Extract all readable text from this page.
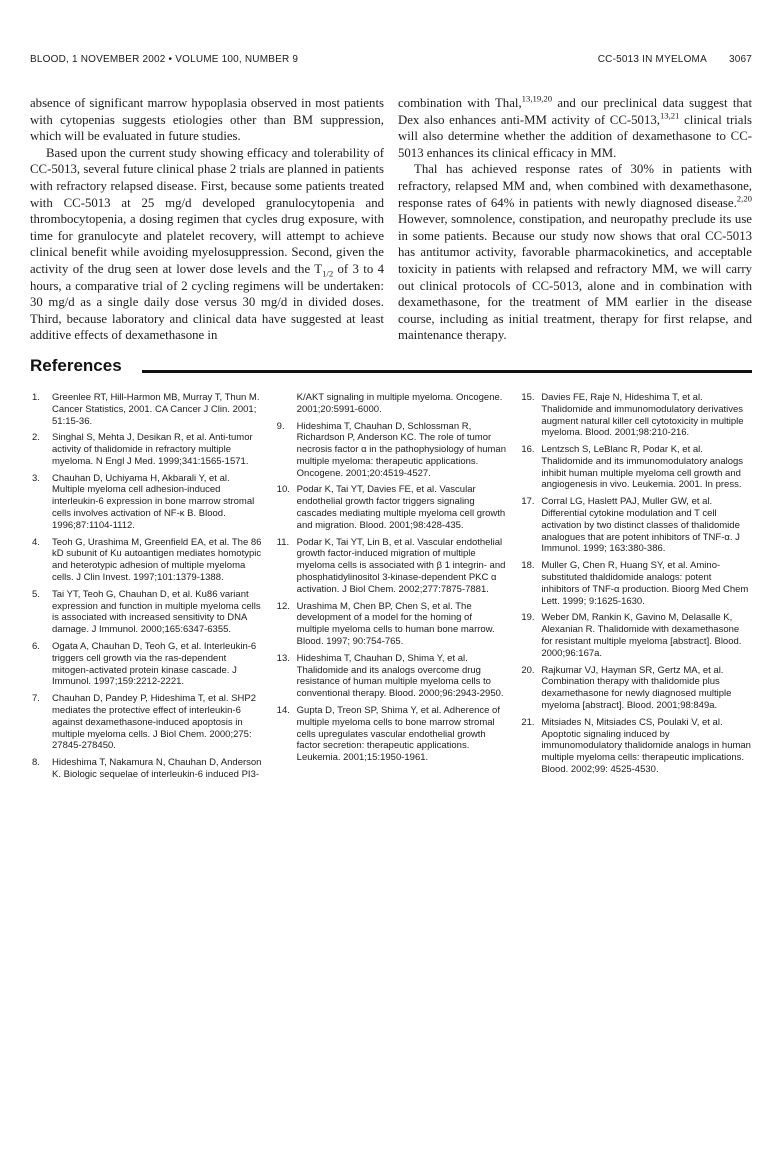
BLOOD, 1 NOVEMBER 2002 • VOLUME 100, NUMBER 9	CC-5013 IN MYELOMA 3067

absence of significant marrow hypoplasia observed in most patients with cytopenias suggests etiologies other than BM suppression, which will be evaluated in future studies.

Based upon the current study showing efficacy and tolerability of CC-5013, several future clinical phase 2 trials are planned in patients with refractory relapsed disease. First, because some patients treated with CC-5013 at 25 mg/d developed granulocytopenia and thrombocytopenia, a dosing regimen that cycles drug exposure, with time for granulocyte and platelet recovery, will attempt to achieve clinical benefit while avoiding myelosuppression. Second, given the activity of the drug seen at lower dose levels and the $T_{1/2}$ of 3 to 4 hours, a comparative trial of 2 cycling regimens will be undertaken: 30 mg/d as a single daily dose versus 30 mg/d in divided doses. Third, because laboratory and clinical data have suggested at least additive effects of dexamethasone in

combination with Thal,$^{13,19,20}$ and our preclinical data suggest that Dex also enhances anti-MM activity of CC-5013,$^{13,21}$ clinical trials will also determine whether the addition of dexamethasone to CC-5013 enhances its clinical efficacy in MM.

Thal has achieved response rates of 30% in patients with refractory, relapsed MM and, when combined with dexamethasone, response rates of 64% in patients with newly diagnosed disease.$^{2,20}$ However, somnolence, constipation, and neuropathy preclude its use in some patients. Because our study now shows that oral CC-5013 has antitumor activity, favorable pharmacokinetics, and acceptable toxicity in patients with relapsed and refractory MM, we will carry out clinical protocols of CC-5013, alone and in combination with dexamethasone, for the treatment of MM earlier in the disease course, including as initial treatment, therapy for first relapse, and maintenance therapy.

References
1. Greenlee RT, Hill-Harmon MB, Murray T, Thun M. Cancer Statistics, 2001. CA Cancer J Clin. 2001; 51:15-36.
2. Singhal S, Mehta J, Desikan R, et al. Anti-tumor activity of thalidomide in refractory multiple myeloma. N Engl J Med. 1999;341:1565-1571.
3. Chauhan D, Uchiyama H, Akbarali Y, et al. Multiple myeloma cell adhesion-induced interleukin-6 expression in bone marrow stromal cells involves activation of NF-κ B. Blood. 1996;87:1104-1112.
4. Teoh G, Urashima M, Greenfield EA, et al. The 86 kD subunit of Ku autoantigen mediates homotypic and heterotypic adhesion of multiple myeloma cells. J Clin Invest. 1997;101:1379-1388.
5. Tai YT, Teoh G, Chauhan D, et al. Ku86 variant expression and function in multiple myeloma cells is associated with increased sensitivity to DNA damage. J Immunol. 2000;165:6347-6355.
6. Ogata A, Chauhan D, Teoh G, et al. Interleukin-6 triggers cell growth via the ras-dependent mitogen-activated protein kinase cascade. J Immunol. 1997;159:2212-2221.
7. Chauhan D, Pandey P, Hideshima T, et al. SHP2 mediates the protective effect of interleukin-6 against dexamethasone-induced apoptosis in multiple myeloma cells. J Biol Chem. 2000;275: 27845-278450.
8. Hideshima T, Nakamura N, Chauhan D, Anderson K. Biologic sequelae of interleukin-6 induced PI3-K/AKT signaling in multiple myeloma. Oncogene. 2001;20:5991-6000.
9. Hideshima T, Chauhan D, Schlossman R, Richardson P, Anderson KC. The role of tumor necrosis factor α in the pathophysiology of human multiple myeloma: therapeutic applications. Oncogene. 2001;20:4519-4527.
10. Podar K, Tai YT, Davies FE, et al. Vascular endothelial growth factor triggers signaling cascades mediating multiple myeloma cell growth and migration. Blood. 2001;98:428-435.
11. Podar K, Tai YT, Lin B, et al. Vascular endothelial growth factor-induced migration of multiple myeloma cells is associated with β 1 integrin- and phosphatidylinositol 3-kinase-dependent PKC α activation. J Biol Chem. 2002;277:7875-7881.
12. Urashima M, Chen BP, Chen S, et al. The development of a model for the homing of multiple myeloma cells to human bone marrow. Blood. 1997; 90:754-765.
13. Hideshima T, Chauhan D, Shima Y, et al. Thalidomide and its analogs overcome drug resistance of human multiple myeloma cells to conventional therapy. Blood. 2000;96:2943-2950.
14. Gupta D, Treon SP, Shima Y, et al. Adherence of multiple myeloma cells to bone marrow stromal cells upregulates vascular endothelial growth factor secretion: therapeutic applications. Leukemia. 2001;15:1950-1961.
15. Davies FE, Raje N, Hideshima T, et al. Thalidomide and immunomodulatory derivatives augment natural killer cell cytotoxicity in multiple myeloma. Blood. 2001;98:210-216.
16. Lentzsch S, LeBlanc R, Podar K, et al. Thalidomide and its immunomodulatory analogs inhibit human multiple myeloma cell growth and angiogenesis in vivo. Leukemia. 2001. In press.
17. Corral LG, Haslett PAJ, Muller GW, et al. Differential cytokine modulation and T cell activation by two distinct classes of thalidomide analogues that are potent inhibitors of TNF-α. J Immunol. 1999; 163:380-386.
18. Muller G, Chen R, Huang SY, et al. Amino-substituted thaldidomide analogs: potent inhibitors of TNF-α production. Bioorg Med Chem Lett. 1999; 9:1625-1630.
19. Weber DM, Rankin K, Gavino M, Delasalle K, Alexanian R. Thalidomide with dexamethasone for resistant multiple myeloma [abstract]. Blood. 2000;96:167a.
20. Rajkumar VJ, Hayman SR, Gertz MA, et al. Combination therapy with thalidomide plus dexamethasone for newly diagnosed multiple myeloma [abstract]. Blood. 2001;98:849a.
21. Mitsiades N, Mitsiades CS, Poulaki V, et al. Apoptotic signaling induced by immunomodulatory thalidomide analogs in human multiple myeloma cells: therapeutic implications. Blood. 2002;99: 4525-4530.
